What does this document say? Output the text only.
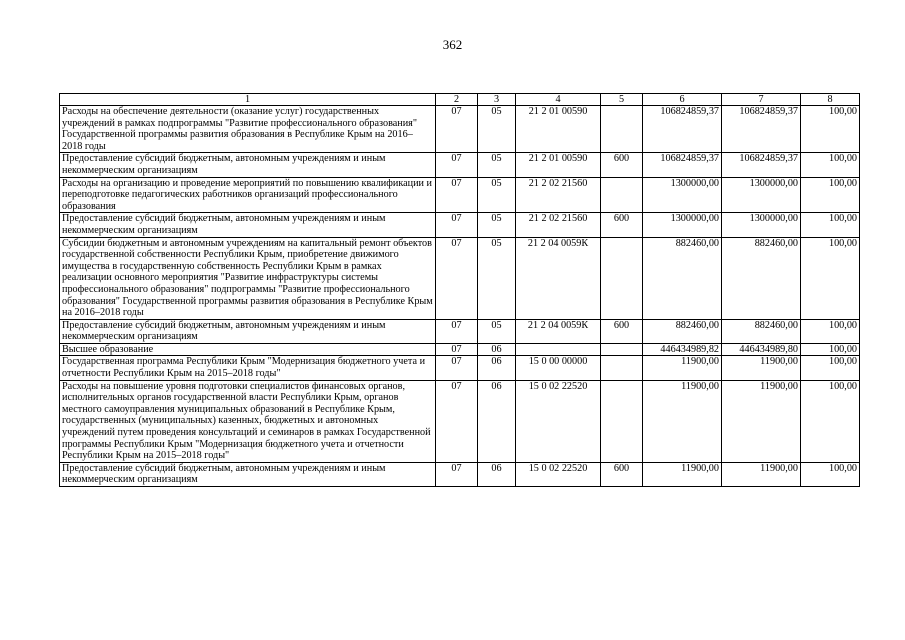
362
1	2	3	4	5	6	7	8
Расходы на обеспечение деятельности (оказание услуг) государственных учреждений в рамках подпрограммы "Развитие профессионального образования" Государственной программы развития образования в Республике Крым на 2016–2018 годы	07	05	21 2 01 00590		106824859,37	106824859,37	100,00
Предоставление субсидий бюджетным, автономным учреждениям и иным некоммерческим организациям	07	05	21 2 01 00590	600	106824859,37	106824859,37	100,00
Расходы на организацию и проведение мероприятий по повышению квалификации и переподготовке педагогических работников организаций профессионального образования	07	05	21 2 02 21560		1300000,00	1300000,00	100,00
Предоставление субсидий бюджетным, автономным учреждениям и иным некоммерческим организациям	07	05	21 2 02 21560	600	1300000,00	1300000,00	100,00
Субсидии бюджетным и автономным учреждениям на капитальный ремонт объектов государственной собственности Республики Крым, приобретение движимого имущества в государственную собственность Республики Крым в рамках реализации основного мероприятия "Развитие инфраструктуры системы профессионального образования" подпрограммы "Развитие профессионального образования" Государственной программы развития образования в Республике Крым на 2016–2018 годы	07	05	21 2 04 0059К		882460,00	882460,00	100,00
Предоставление субсидий бюджетным, автономным учреждениям и иным некоммерческим организациям	07	05	21 2 04 0059К	600	882460,00	882460,00	100,00
Высшее образование	07	06			446434989,82	446434989,80	100,00
Государственная программа Республики Крым "Модернизация бюджетного учета и отчетности Республики Крым на 2015–2018 годы"	07	06	15 0 00 00000		11900,00	11900,00	100,00
Расходы на повышение уровня подготовки специалистов финансовых органов, исполнительных органов государственной власти Республики Крым, органов местного самоуправления муниципальных образований в Республике Крым, государственных (муниципальных) казенных, бюджетных и автономных учреждений путем проведения консультаций и семинаров в рамках Государственной программы Республики Крым "Модернизация бюджетного учета и отчетности Республики Крым на 2015–2018 годы"	07	06	15 0 02 22520		11900,00	11900,00	100,00
Предоставление субсидий бюджетным, автономным учреждениям и иным некоммерческим организациям	07	06	15 0 02 22520	600	11900,00	11900,00	100,00
